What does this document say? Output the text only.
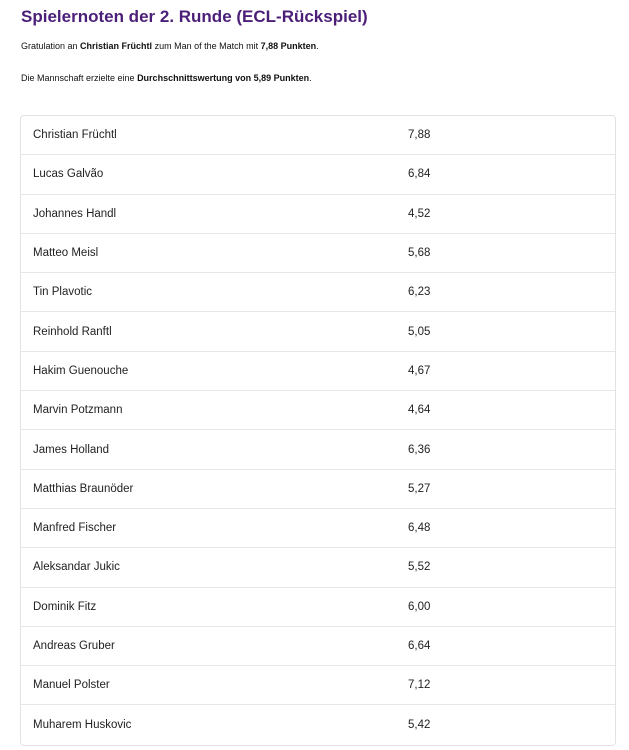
Spielernoten der 2. Runde (ECL-Rückspiel)

Gratulation an Christian Früchtl zum Man of the Match mit 7,88 Punkten.

Die Mannschaft erzielte eine Durchschnittswertung von 5,89 Punkten.

Christian Früchtl	7,88
Lucas Galvão	6,84
Johannes Handl	4,52
Matteo Meisl	5,68
Tin Plavotic	6,23
Reinhold Ranftl	5,05
Hakim Guenouche	4,67
Marvin Potzmann	4,64
James Holland	6,36
Matthias Braunöder	5,27
Manfred Fischer	6,48
Aleksandar Jukic	5,52
Dominik Fitz	6,00
Andreas Gruber	6,64
Manuel Polster	7,12
Muharem Huskovic	5,42
